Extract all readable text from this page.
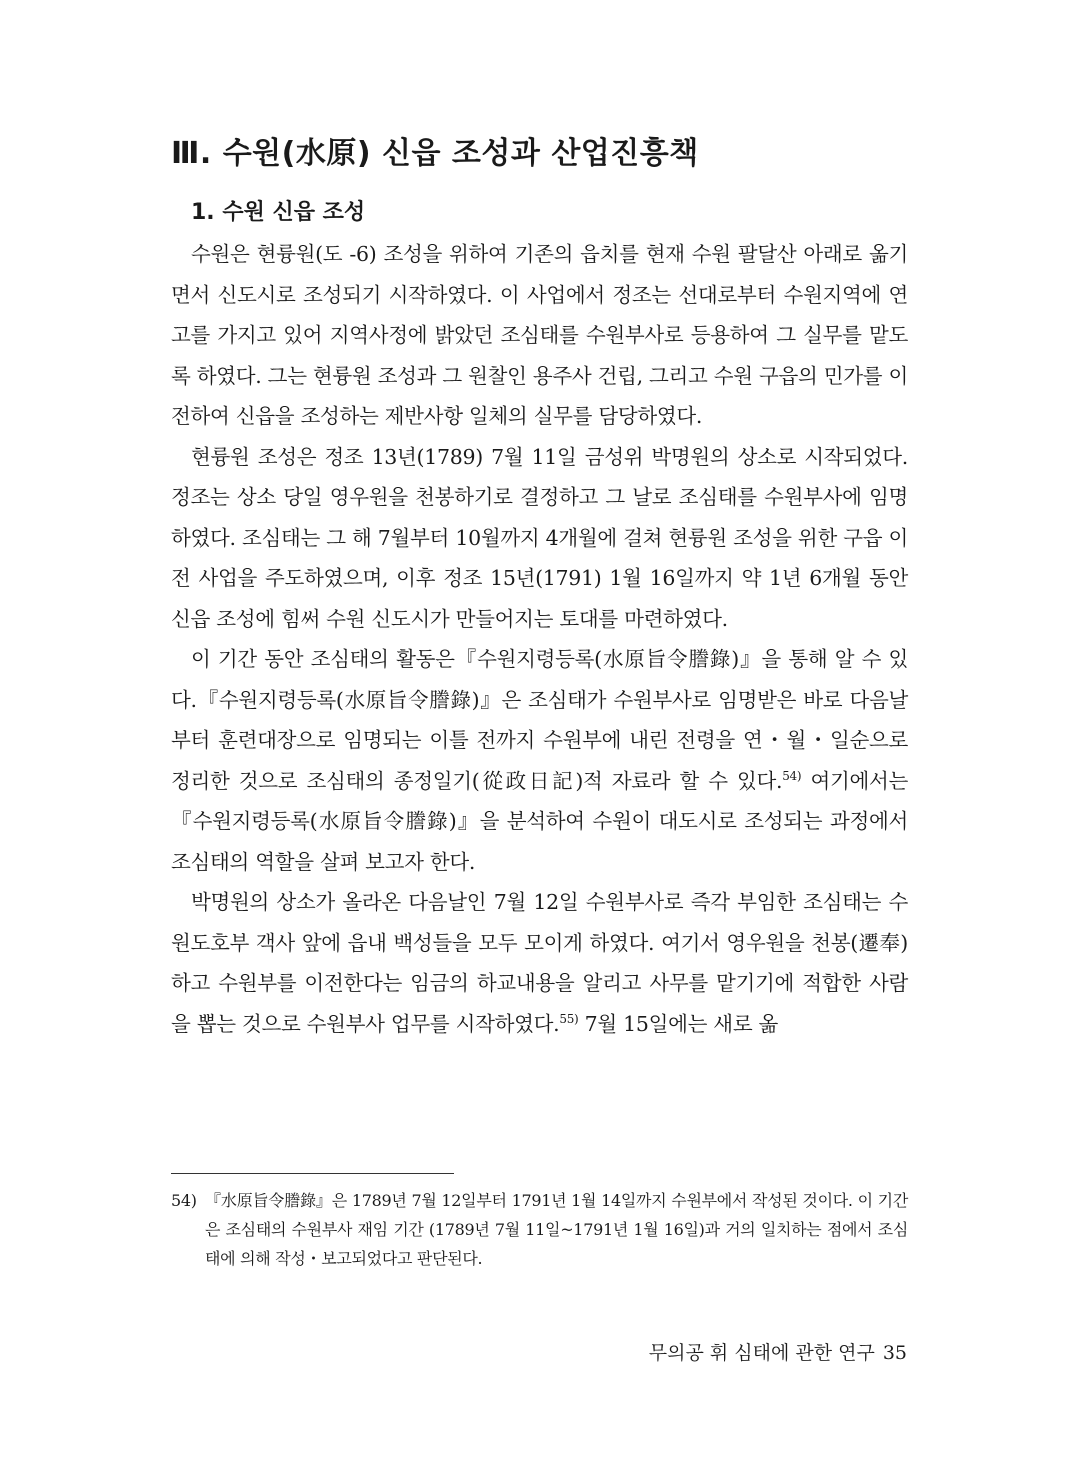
Ⅲ. 수원(水原) 신읍 조성과 산업진흥책
1. 수원 신읍 조성

수원은 현륭원(도 -6) 조성을 위하여 기존의 읍치를 현재 수원 팔달산 아래로 옮기면서 신도시로 조성되기 시작하였다. 이 사업에서 정조는 선대로부터 수원지역에 연고를 가지고 있어 지역사정에 밝았던 조심태를 수원부사로 등용하여 그 실무를 맡도록 하였다. 그는 현륭원 조성과 그 원찰인 용주사 건립, 그리고 수원 구읍의 민가를 이전하여 신읍을 조성하는 제반사항 일체의 실무를 담당하였다.

현륭원 조성은 정조 13년(1789) 7월 11일 금성위 박명원의 상소로 시작되었다. 정조는 상소 당일 영우원을 천봉하기로 결정하고 그 날로 조심태를 수원부사에 임명하였다. 조심태는 그 해 7월부터 10월까지 4개월에 걸쳐 현륭원 조성을 위한 구읍 이전 사업을 주도하였으며, 이후 정조 15년(1791) 1월 16일까지 약 1년 6개월 동안 신읍 조성에 힘써 수원 신도시가 만들어지는 토대를 마련하였다.

이 기간 동안 조심태의 활동은『수원지령등록(水原旨令謄錄)』을 통해 알 수 있다.『수원지령등록(水原旨令謄錄)』은 조심태가 수원부사로 임명받은 바로 다음날부터 훈련대장으로 임명되는 이틀 전까지 수원부에 내린 전령을 연・월・일순으로 정리한 것으로 조심태의 종정일기(從政日記)적 자료라 할 수 있다.$^{54)}$ 여기에서는『수원지령등록(水原旨令謄錄)』을 분석하여 수원이 대도시로 조성되는 과정에서 조심태의 역할을 살펴 보고자 한다.

박명원의 상소가 올라온 다음날인 7월 12일 수원부사로 즉각 부임한 조심태는 수원도호부 객사 앞에 읍내 백성들을 모두 모이게 하였다. 여기서 영우원을 천봉(遷奉)하고 수원부를 이전한다는 임금의 하교내용을 알리고 사무를 맡기기에 적합한 사람을 뽑는 것으로 수원부사 업무를 시작하였다.$^{55)}$ 7월 15일에는 새로 옮

54) 『水原旨令謄錄』은 1789년 7월 12일부터 1791년 1월 14일까지 수원부에서 작성된 것이다. 이 기간은 조심태의 수원부사 재임 기간 (1789년 7월 11일~1791년 1월 16일)과 거의 일치하는 점에서 조심태에 의해 작성・보고되었다고 판단된다.
무의공 휘 심태에 관한 연구 35
